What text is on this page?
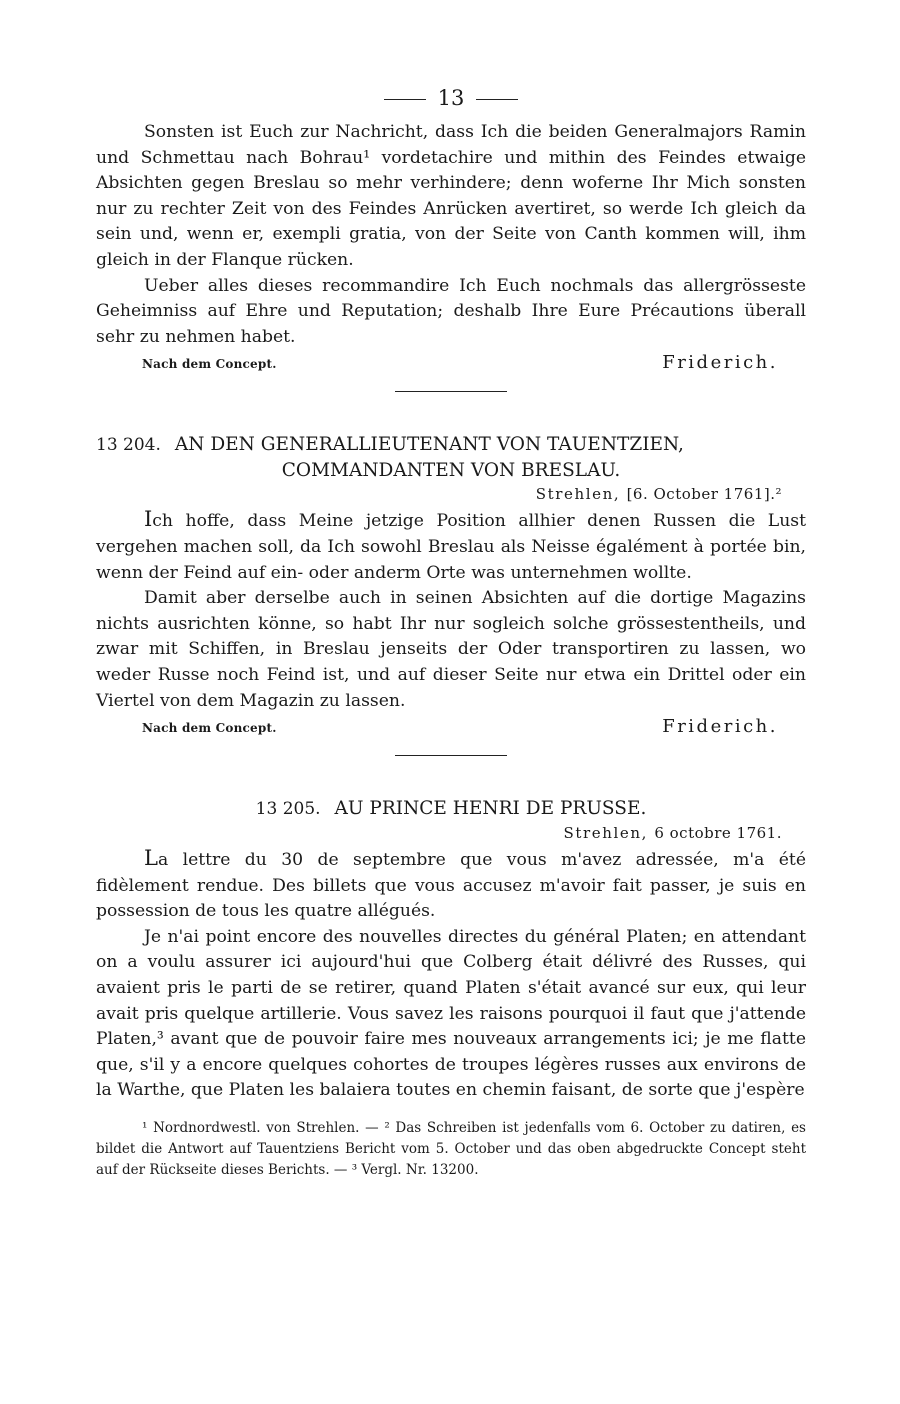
13

Sonsten ist Euch zur Nachricht, dass Ich die beiden Generalmajors Ramin und Schmettau nach Bohrau¹ vordetachire und mithin des Feindes etwaige Absichten gegen Breslau so mehr verhindere; denn woferne Ihr Mich sonsten nur zu rechter Zeit von des Feindes Anrücken avertiret, so werde Ich gleich da sein und, wenn er, exempli gratia, von der Seite von Canth kommen will, ihm gleich in der Flanque rücken.

Ueber alles dieses recommandire Ich Euch nochmals das allergrösseste Geheimniss auf Ehre und Reputation; deshalb Ihre Eure Précautions überall sehr zu nehmen habet.

Nach dem Concept.	Friderich.
13 204. AN DEN GENERALLIEUTENANT VON TAUENTZIEN,
COMMANDANTEN VON BRESLAU.
Strehlen, [6. October 1761].²

Ich hoffe, dass Meine jetzige Position allhier denen Russen die Lust vergehen machen soll, da Ich sowohl Breslau als Neisse égalément à portée bin, wenn der Feind auf ein- oder anderm Orte was unternehmen wollte.

Damit aber derselbe auch in seinen Absichten auf die dortige Magazins nichts ausrichten könne, so habt Ihr nur sogleich solche grössestentheils, und zwar mit Schiffen, in Breslau jenseits der Oder transportiren zu lassen, wo weder Russe noch Feind ist, und auf dieser Seite nur etwa ein Drittel oder ein Viertel von dem Magazin zu lassen.

Nach dem Concept.	Friderich.
13 205. AU PRINCE HENRI DE PRUSSE.
Strehlen, 6 octobre 1761.

La lettre du 30 de septembre que vous m'avez adressée, m'a été fidèlement rendue. Des billets que vous accusez m'avoir fait passer, je suis en possession de tous les quatre allégués.

Je n'ai point encore des nouvelles directes du général Platen; en attendant on a voulu assurer ici aujourd'hui que Colberg était délivré des Russes, qui avaient pris le parti de se retirer, quand Platen s'était avancé sur eux, qui leur avait pris quelque artillerie. Vous savez les raisons pourquoi il faut que j'attende Platen,³ avant que de pouvoir faire mes nouveaux arrangements ici; je me flatte que, s'il y a encore quelques cohortes de troupes légères russes aux environs de la Warthe, que Platen les balaiera toutes en chemin faisant, de sorte que j'espère

¹ Nordnordwestl. von Strehlen. — ² Das Schreiben ist jedenfalls vom 6. October zu datiren, es bildet die Antwort auf Tauentziens Bericht vom 5. October und das oben abgedruckte Concept steht auf der Rückseite dieses Berichts. — ³ Vergl. Nr. 13200.
